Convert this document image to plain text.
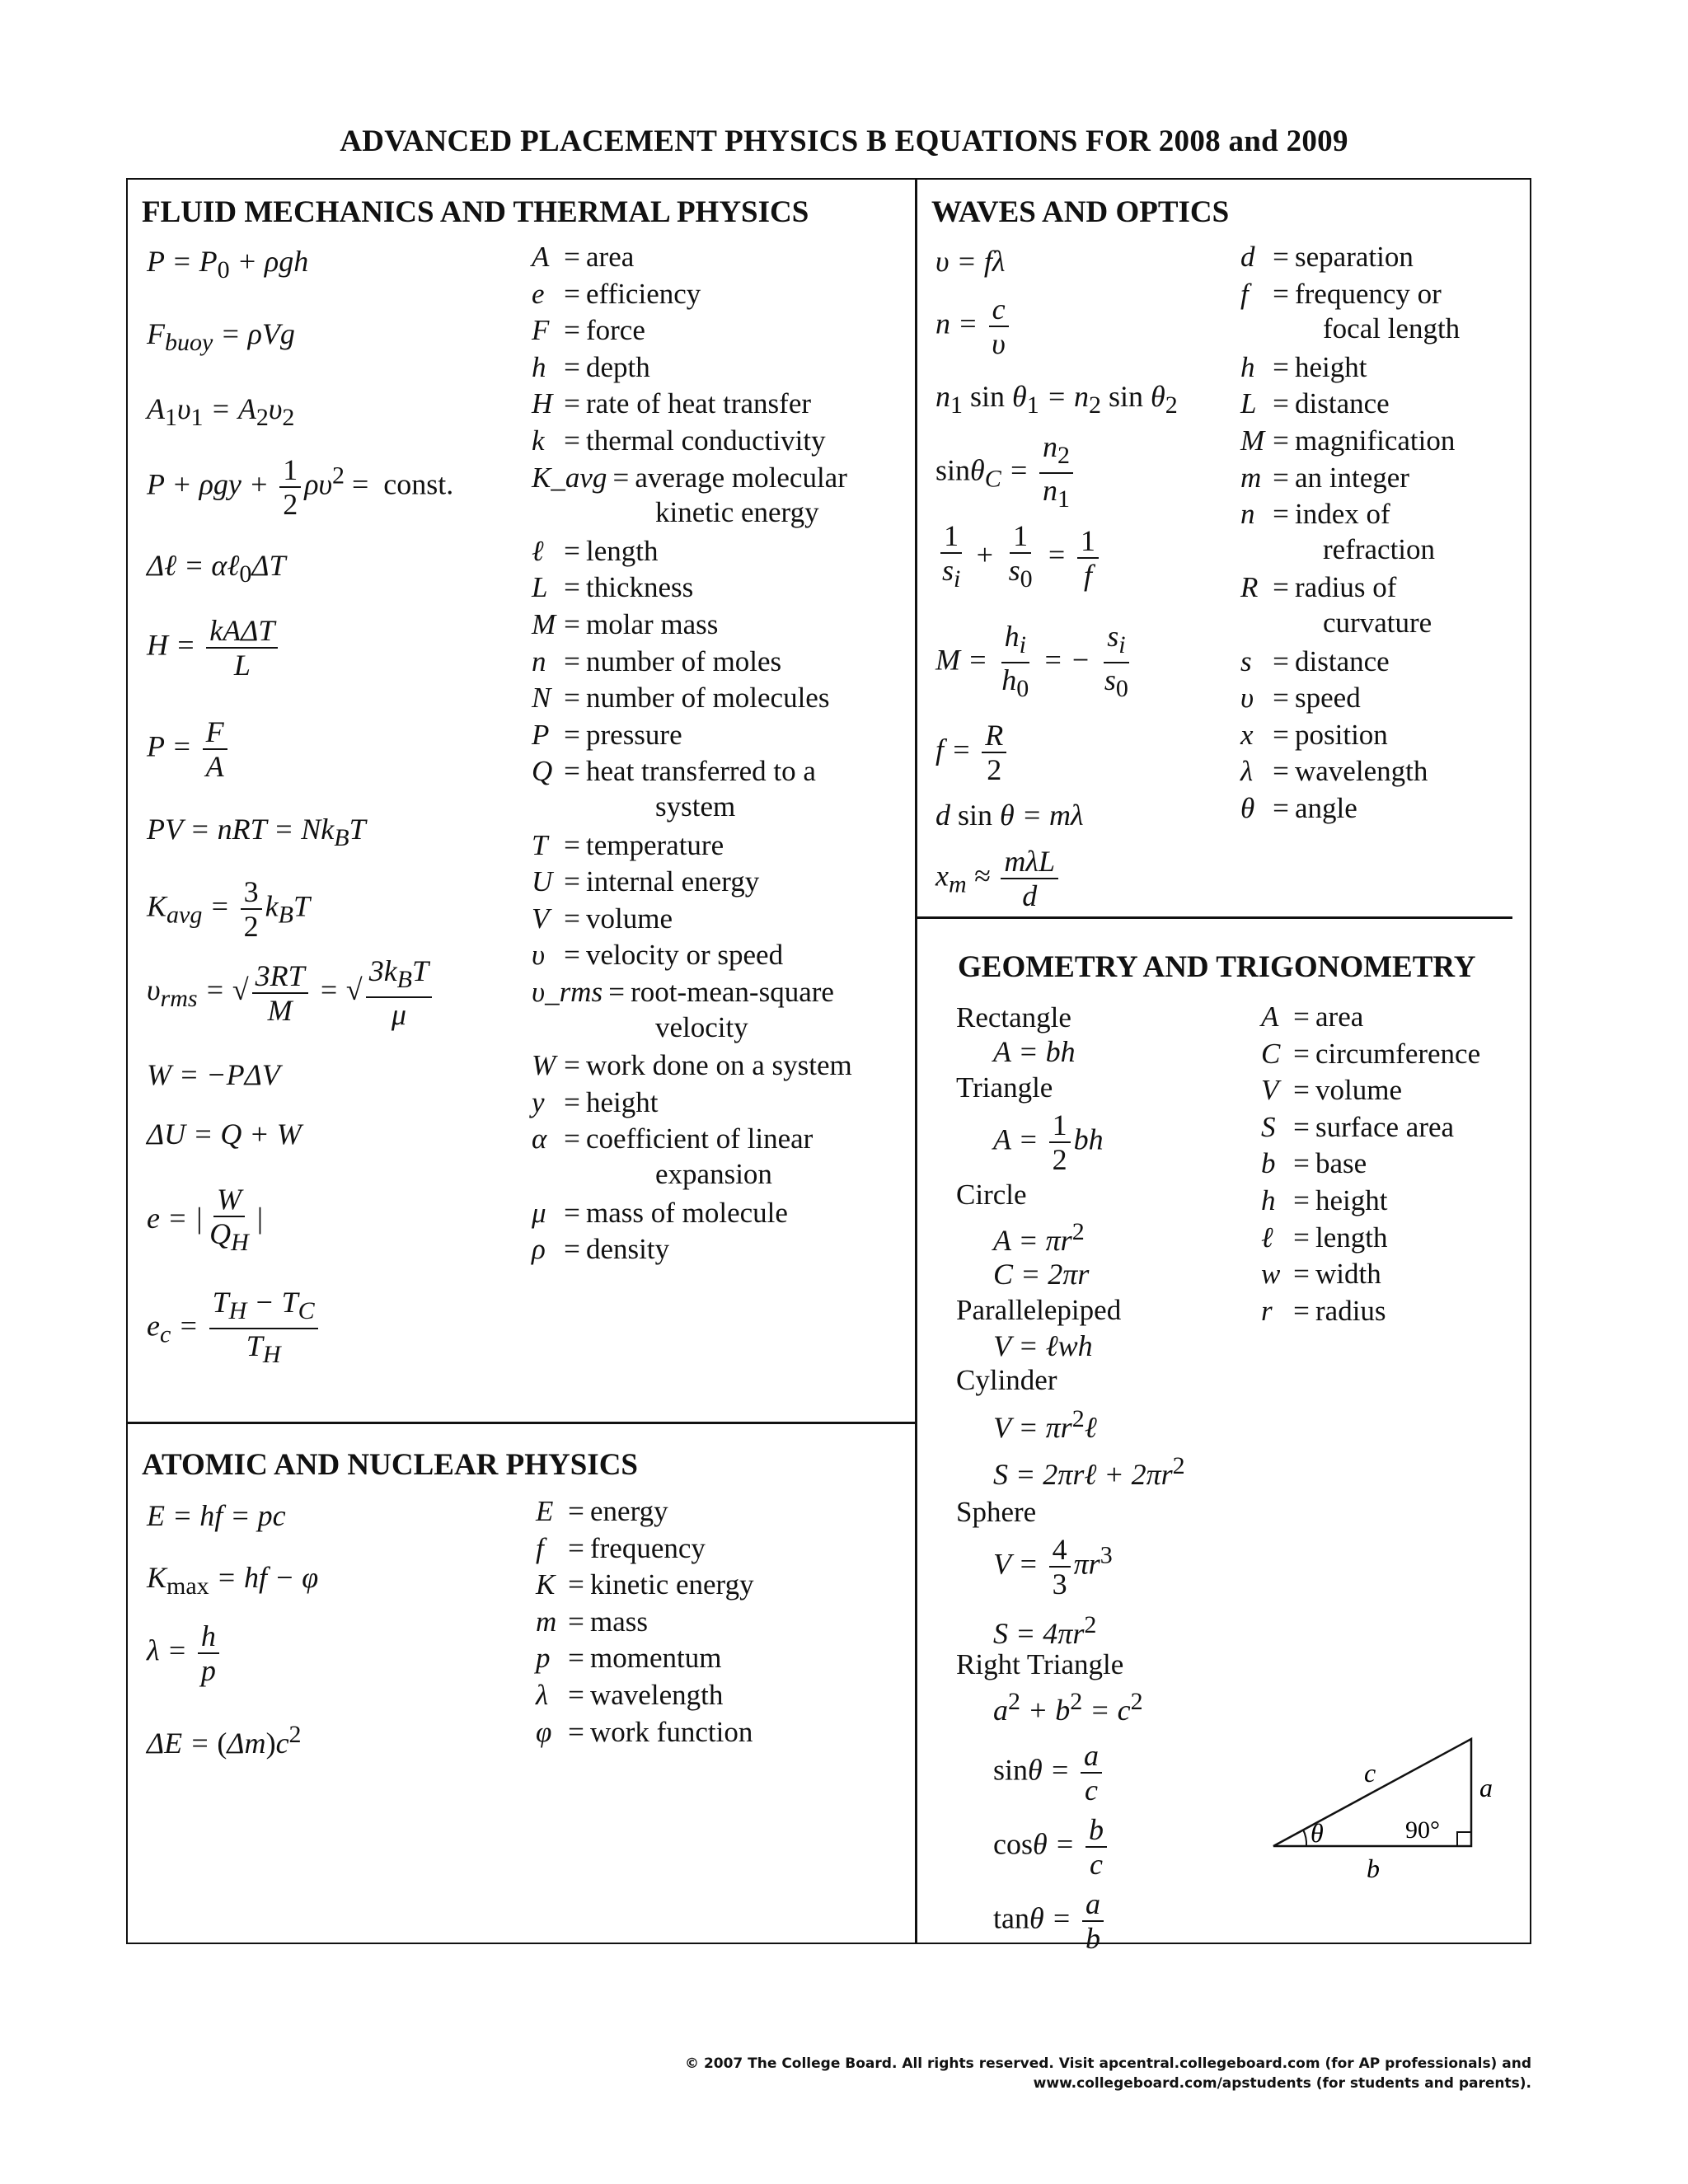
ADVANCED PLACEMENT PHYSICS B EQUATIONS FOR 2008 and 2009
FLUID MECHANICS AND THERMAL PHYSICS
$P = P_0 + \rho gh$
$F_{buoy} = \rho Vg$
$A_1\upsilon_1 = A_2\upsilon_2$
$P + \rho gy + \frac{1}{2} \rho\upsilon^2$ =  const.
Δℓ = αℓ$_0$ΔT
$H = \frac{\text{kAΔT}}{L}$
$P = \frac{F}{A}$
PV = nRT = $Nk_BT$
$K_{avg} = \frac{3}{2} k_BT$
$\upsilon_{rms}$ = √ $\frac{3RT}{M}$ = √ $\frac{3k_BT}{\mu}$
W = −PΔV
ΔU = Q + W
e = | $\frac{W}{Q_H}$ |
$e_c = \frac{T_H - T_C}{T_H}$
A = area
e = efficiency
F = force
h = depth
H = rate of heat transfer
k = thermal conductivity
K_avg = average molecular
kinetic energy
ℓ = length
L = thickness
M = molar mass
n = number of moles
N = number of molecules
P = pressure
Q = heat transferred to a
system
T = temperature
U = internal energy
V = volume
υ = velocity or speed
υ_rms = root-mean-square
velocity
W = work done on a system
y = height
α = coefficient of linear
expansion
μ = mass of molecule
ρ = density
ATOMIC AND NUCLEAR PHYSICS
E = hf = pc
$K_{max}$ = hf − φ
$\lambda = \frac{h}{p}$
$\Delta E = (\Delta m)c^2$
E = energy
f = frequency
K = kinetic energy
m = mass
p = momentum
λ = wavelength
φ = work function
WAVES AND OPTICS
υ = fλ
$n = \frac{c}{\upsilon}$
$n_1$ $\sin \theta_1 = n_2$ $\sin \theta_2$
$\sin\theta_C = \frac{n_2}{n_1}$
$\frac{1}{s_i} + \frac{1}{s_0} = \frac{1}{f}$
$M = \frac{h_i}{h_0}$ = − $\frac{s_i}{s_0}$
$f = \frac{R}{2}$
d sin θ = mλ
$x_m \approx \frac{\text{mλL}}{d}$
d = separation
f = frequency or
focal length
h = height
L = distance
M = magnification
m = an integer
n = index of
refraction
R = radius of
curvature
s = distance
υ = speed
x = position
λ = wavelength
θ = angle
GEOMETRY AND TRIGONOMETRY
Rectangle
A = bh
Triangle
$A = \frac{1}{2}$ bh
Circle
$A = \pi r^2$
C = 2πr
Parallelepiped
V = ℓwh
Cylinder
$V = \pi r^2\ell$
S = 2πrℓ + $2\pi r^2$
Sphere
$V = \frac{4}{3} \pi r^3$
$S = 4\pi r^2$
Right Triangle
$a^2 + b^2 = c^2$
$\sin\theta = \frac{a}{c}$
$\cos\theta = \frac{b}{c}$
$\tan\theta = \frac{a}{b}$
A = area
C = circumference
V = volume
S = surface area
b = base
h = height
ℓ = length
w = width
r = radius
c	a
b
θ	90°
© 2007 The College Board. All rights reserved. Visit apcentral.collegeboard.com (for AP professionals) and
www.collegeboard.com/apstudents (for students and parents).
